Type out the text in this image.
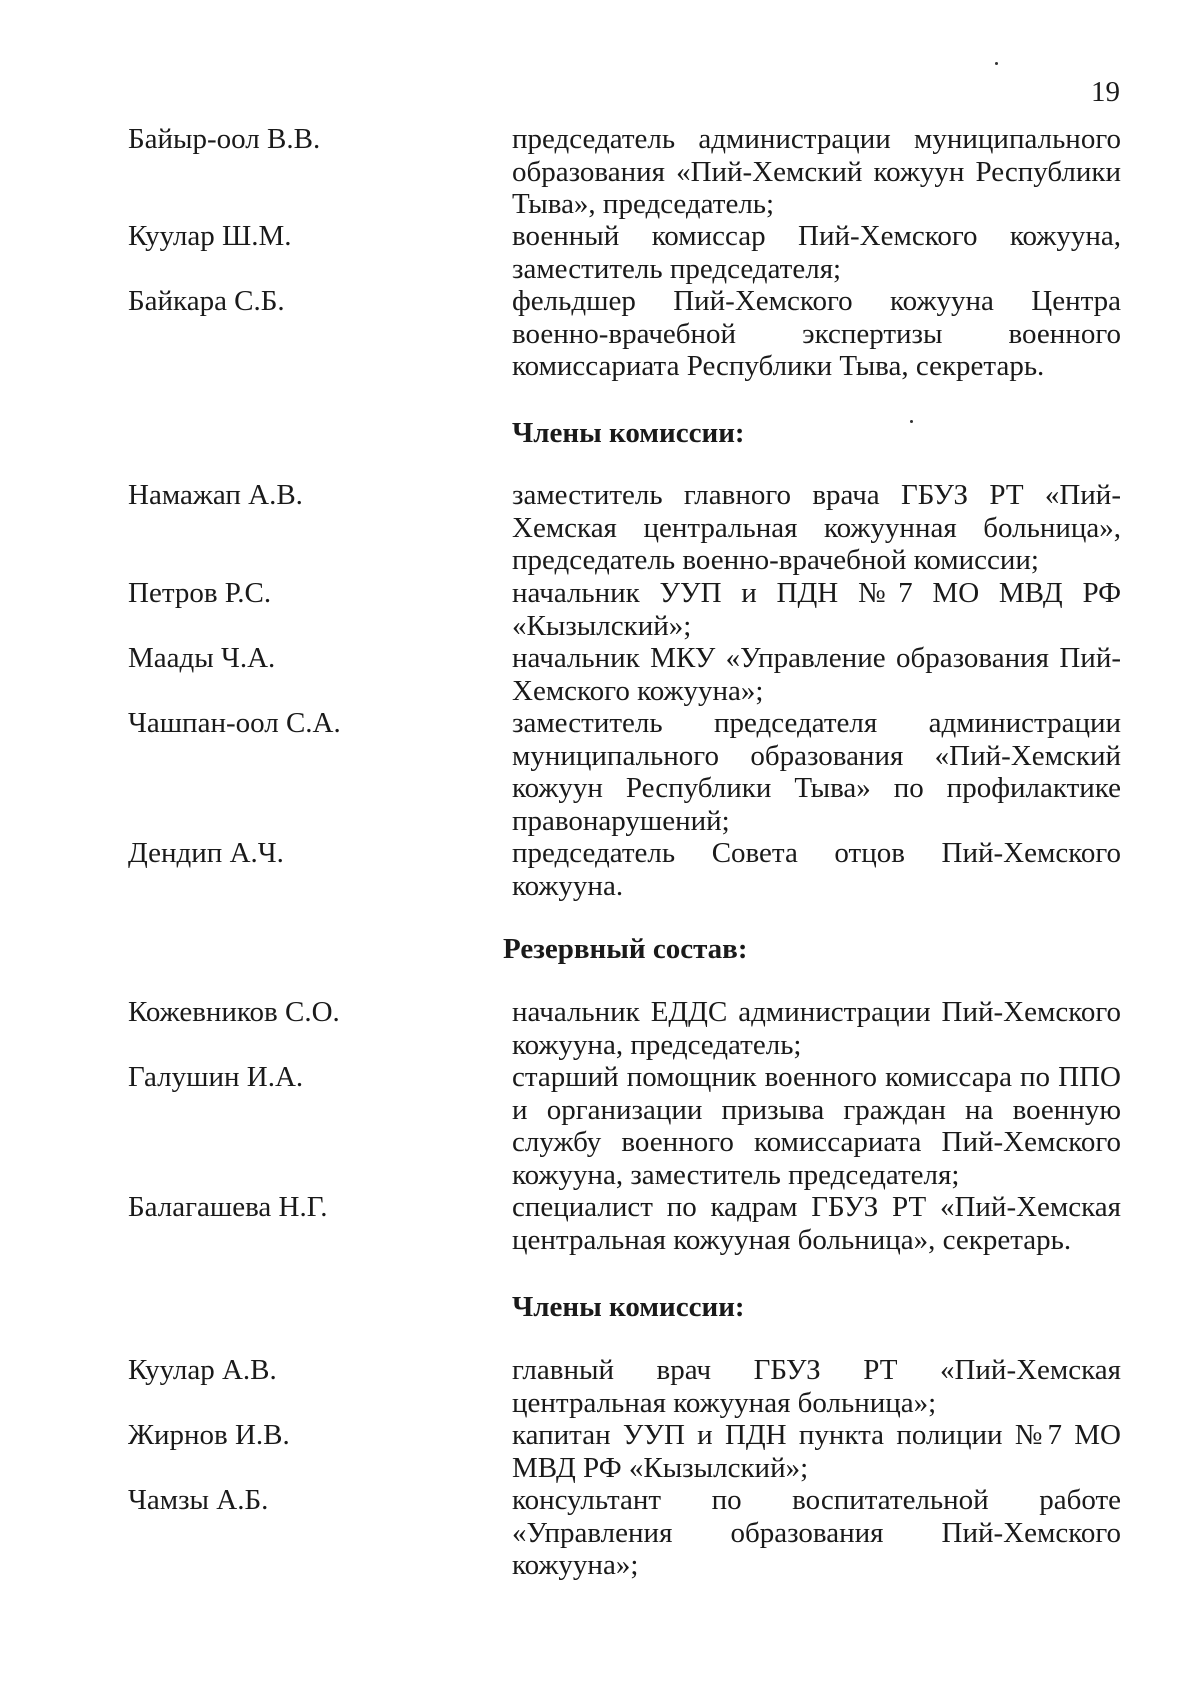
19
Байыр-оол В.В.	председатель администрации муниципального
образования «Пий-Хемский кожуун Республики
Тыва», председатель;
Куулар Ш.М.	военный комиссар Пий-Хемского кожууна,
заместитель председателя;
Байкара С.Б.	фельдшер Пий-Хемского кожууна Центра
военно-врачебной экспертизы военного
комиссариата Республики Тыва, секретарь.
Члены комиссии:
Намажап А.В.	заместитель главного врача ГБУЗ РТ «Пий-
Хемская центральная кожуунная больница»,
председатель военно-врачебной комиссии;
Петров Р.С.	начальник УУП и ПДН №7 МО МВД РФ
«Кызылский»;
Маады Ч.А.	начальник МКУ «Управление образования Пий-
Хемского кожууна»;
Чашпан-оол С.А.	заместитель председателя администрации
муниципального образования «Пий-Хемский
кожуун Республики Тыва» по профилактике
правонарушений;
Дендип А.Ч.	председатель Совета отцов Пий-Хемского
кожууна.
Резервный состав:
Кожевников С.О.	начальник ЕДДС администрации Пий-Хемского
кожууна, председатель;
Галушин И.А.	старший помощник военного комиссара по ППО
и организации призыва граждан на военную
службу военного комиссариата Пий-Хемского
кожууна, заместитель председателя;
Балагашева Н.Г.	специалист по кадрам ГБУЗ РТ «Пий-Хемская
центральная кожууная больница», секретарь.
Члены комиссии:
Куулар А.В.	главный врач ГБУЗ РТ «Пий-Хемская
центральная кожууная больница»;
Жирнов И.В.	капитан УУП и ПДН пункта полиции №7 МО
МВД РФ «Кызылский»;
Чамзы А.Б.	консультант по воспитательной работе
«Управления образования Пий-Хемского
кожууна»;
